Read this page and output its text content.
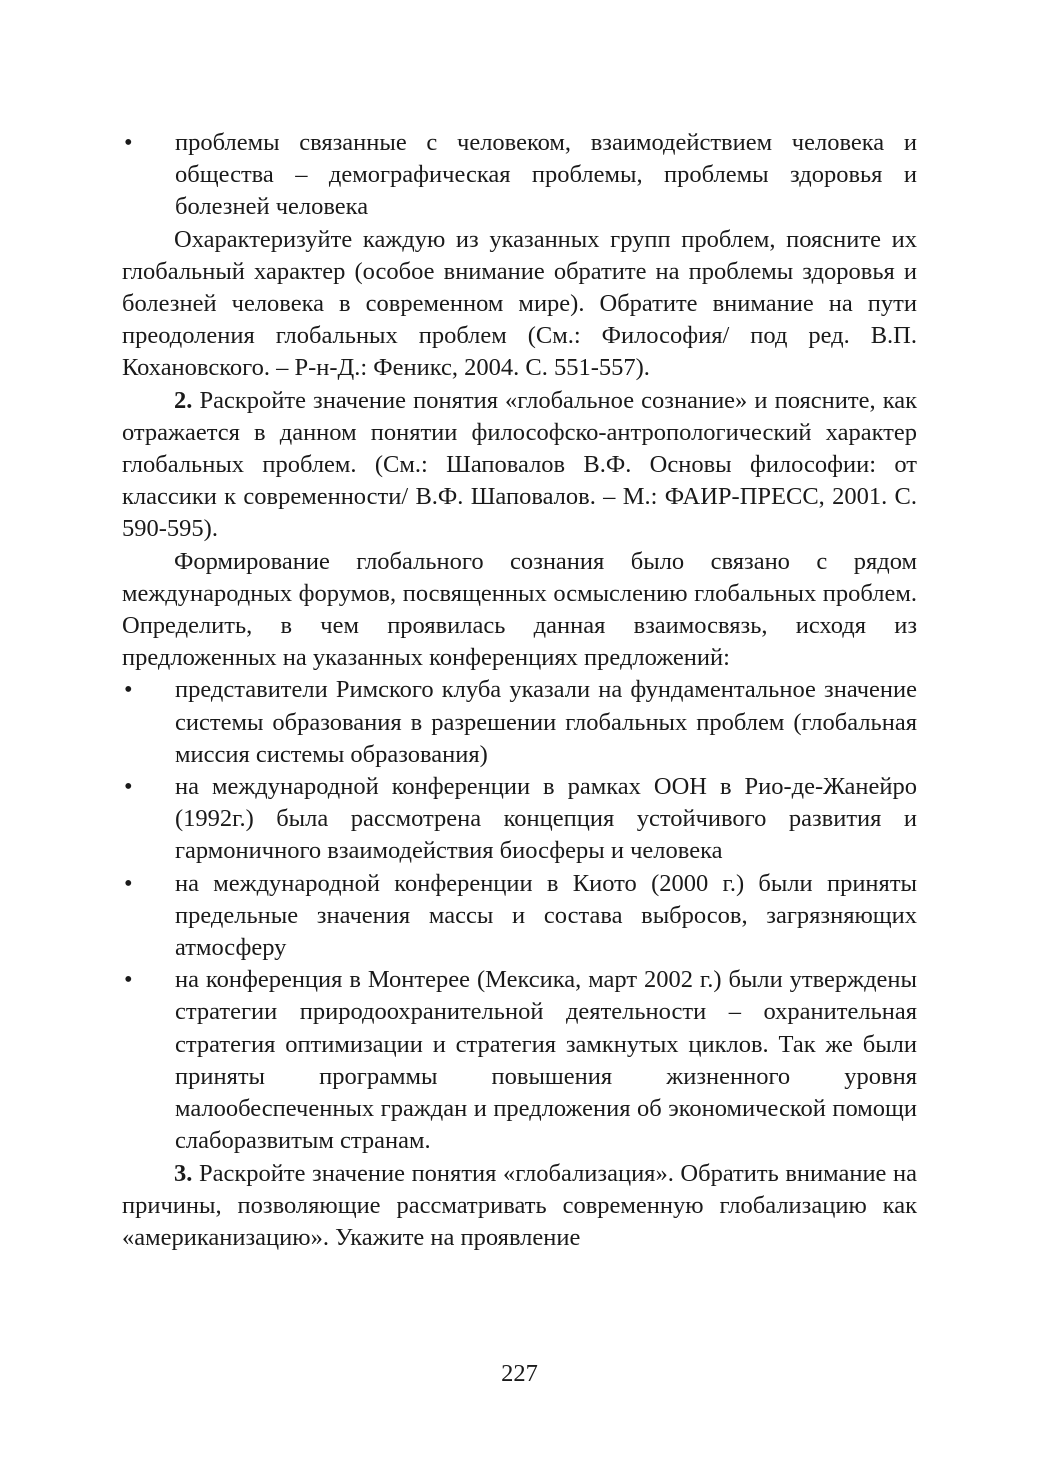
• проблемы связанные с человеком, взаимодействием человека и общества – демографическая проблемы, проблемы здоровья и болезней человека

Охарактеризуйте каждую из указанных групп проблем, поясните их глобальный характер (особое внимание обратите на проблемы здоровья и болезней человека в современном мире). Обратите внимание на пути преодоления глобальных проблем (См.: Философия/ под ред. В.П. Кохановского. – Р-н-Д.: Феникс, 2004. С. 551-557).

2. Раскройте значение понятия «глобальное сознание» и поясните, как отражается в данном понятии философско-антропологический характер глобальных проблем. (См.: Шаповалов В.Ф. Основы философии: от классики к современности/ В.Ф. Шаповалов. – М.: ФАИР-ПРЕСС, 2001. С. 590-595).

Формирование глобального сознания было связано с рядом международных форумов, посвященных осмыслению глобальных проблем. Определить, в чем проявилась данная взаимосвязь, исходя из предложенных на указанных конференциях предложений:

• представители Римского клуба указали на фундаментальное значение системы образования в разрешении глобальных проблем (глобальная миссия системы образования)
• на международной конференции в рамках ООН в Рио-де-Жанейро (1992г.) была рассмотрена концепция устойчивого развития и гармоничного взаимодействия биосферы и человека
• на международной конференции в Киото (2000 г.) были приняты предельные значения массы и состава выбросов, загрязняющих атмосферу
• на конференция в Монтерее (Мексика, март 2002 г.) были утверждены стратегии природоохранительной деятельности – охранительная стратегия оптимизации и стратегия замкнутых циклов. Так же были приняты программы повышения жизненного уровня малообеспеченных граждан и предложения об экономической помощи слаборазвитым странам.

3. Раскройте значение понятия «глобализация». Обратить внимание на причины, позволяющие рассматривать современную глобализацию как «американизацию». Укажите на проявление

227
